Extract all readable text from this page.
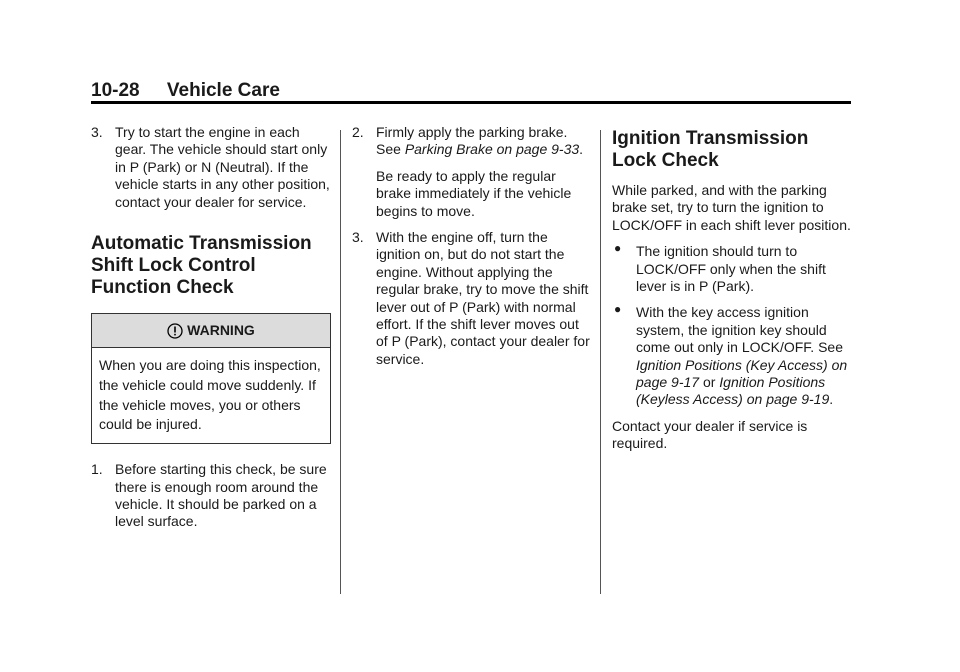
10-28 Vehicle Care

3. Try to start the engine in each gear. The vehicle should start only in P (Park) or N (Neutral). If the vehicle starts in any other position, contact your dealer for service.

Automatic Transmission Shift Lock Control Function Check
WARNING
When you are doing this inspection, the vehicle could move suddenly. If the vehicle moves, you or others could be injured.

1. Before starting this check, be sure there is enough room around the vehicle. It should be parked on a level surface.

2. Firmly apply the parking brake. See Parking Brake on page 9-33.

Be ready to apply the regular brake immediately if the vehicle begins to move.

3. With the engine off, turn the ignition on, but do not start the engine. Without applying the regular brake, try to move the shift lever out of P (Park) with normal effort. If the shift lever moves out of P (Park), contact your dealer for service.

Ignition Transmission Lock Check

While parked, and with the parking brake set, try to turn the ignition to LOCK/OFF in each shift lever position.

● The ignition should turn to LOCK/OFF only when the shift lever is in P (Park).

● With the key access ignition system, the ignition key should come out only in LOCK/OFF. See Ignition Positions (Key Access) on page 9-17 or Ignition Positions (Keyless Access) on page 9-19.

Contact your dealer if service is required.
